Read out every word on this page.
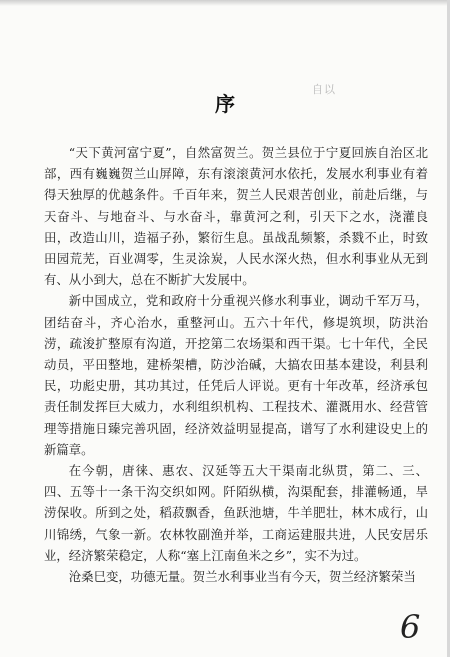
自以
序

“天下黄河富宁夏”，自然富贺兰。贺兰县位于宁夏回族自治区北部，西有巍巍贺兰山屏障，东有滚滚黄河水依托，发展水利事业有着得天独厚的优越条件。千百年来，贺兰人民艰苦创业，前赴后继，与天奋斗、与地奋斗、与水奋斗，靠黄河之利，引天下之水，浇灌良田，改造山川，造福子孙，繁衍生息。虽战乱频繁，杀戮不止，时致田园荒芜，百业凋零，生灵涂炭，人民水深火热，但水利事业从无到有、从小到大，总在不断扩大发展中。

新中国成立，党和政府十分重视兴修水利事业，调动千军万马，团结奋斗，齐心治水，重整河山。五六十年代，修堤筑坝，防洪治涝，疏浚扩整原有沟道，开挖第二农场渠和西干渠。七十年代，全民动员，平田整地，建桥架槽，防沙治碱，大搞农田基本建设，利县利民，功彪史册，其功其过，任凭后人评说。更有十年改革，经济承包责任制发挥巨大威力，水利组织机构、工程技术、灌溉用水、经营管理等措施日臻完善巩固，经济效益明显提高，谱写了水利建设史上的新篇章。

在今朝，唐徕、惠农、汉延等五大干渠南北纵贯，第二、三、四、五等十一条干沟交织如网。阡陌纵横，沟渠配套，排灌畅通，旱涝保收。所到之处，稻菽飘香，鱼跃池塘，牛羊肥壮，林木成行，山川锦绣，气象一新。农林牧副渔并举，工商运建服共进，人民安居乐业，经济繁荣稳定，人称“塞上江南鱼米之乡”，实不为过。

沧桑巳变，功德无量。贺兰水利事业当有今天，贺兰经济繁荣当

6
